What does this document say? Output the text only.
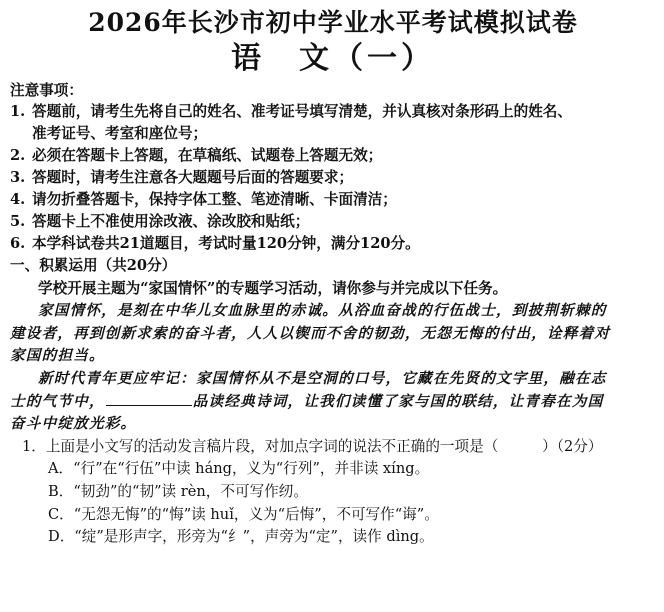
2026年长沙市初中学业水平考试模拟试卷
语　文（一）
注意事项：
1. 答题前，请考生先将自己的姓名、准考证号填写清楚，并认真核对条形码上的姓名、
准考证号、考室和座位号；
2. 必须在答题卡上答题，在草稿纸、试题卷上答题无效；
3. 答题时，请考生注意各大题题号后面的答题要求；
4. 请勿折叠答题卡，保持字体工整、笔迹清晰、卡面清洁；
5. 答题卡上不准使用涂改液、涂改胶和贴纸；
6. 本学科试卷共21道题目，考试时量120分钟，满分120分。
一、积累运用（共20分）
学校开展主题为“家国情怀”的专题学习活动，请你参与并完成以下任务。
家国情怀，是刻在中华儿女血脉里的赤诚。从浴血奋战的行伍战士，到披荆斩棘的
建设者，再到创新求索的奋斗者，人人以锲而不舍的韧劲，无怨无悔的付出，诠释着对
家国的担当。
新时代青年更应牢记：家国情怀从不是空洞的口号，它藏在先贤的文字里，融在志
士的气节中，	品读经典诗词，让我们读懂了家与国的联结，让青春在为国
奋斗中绽放光彩。
1．上面是小文写的活动发言稿片段，对加点字词的说法不正确的一项是（　　　）（2分）
A．“行”在“行伍”中读 háng，义为“行列”，并非读 xíng。
B．“韧劲”的“韧”读 rèn，不可写作纫。
C．“无怨无悔”的“悔”读 huǐ，义为“后悔”，不可写作“诲”。
D．“绽”是形声字，形旁为“纟”，声旁为“定”，读作 dìng。
